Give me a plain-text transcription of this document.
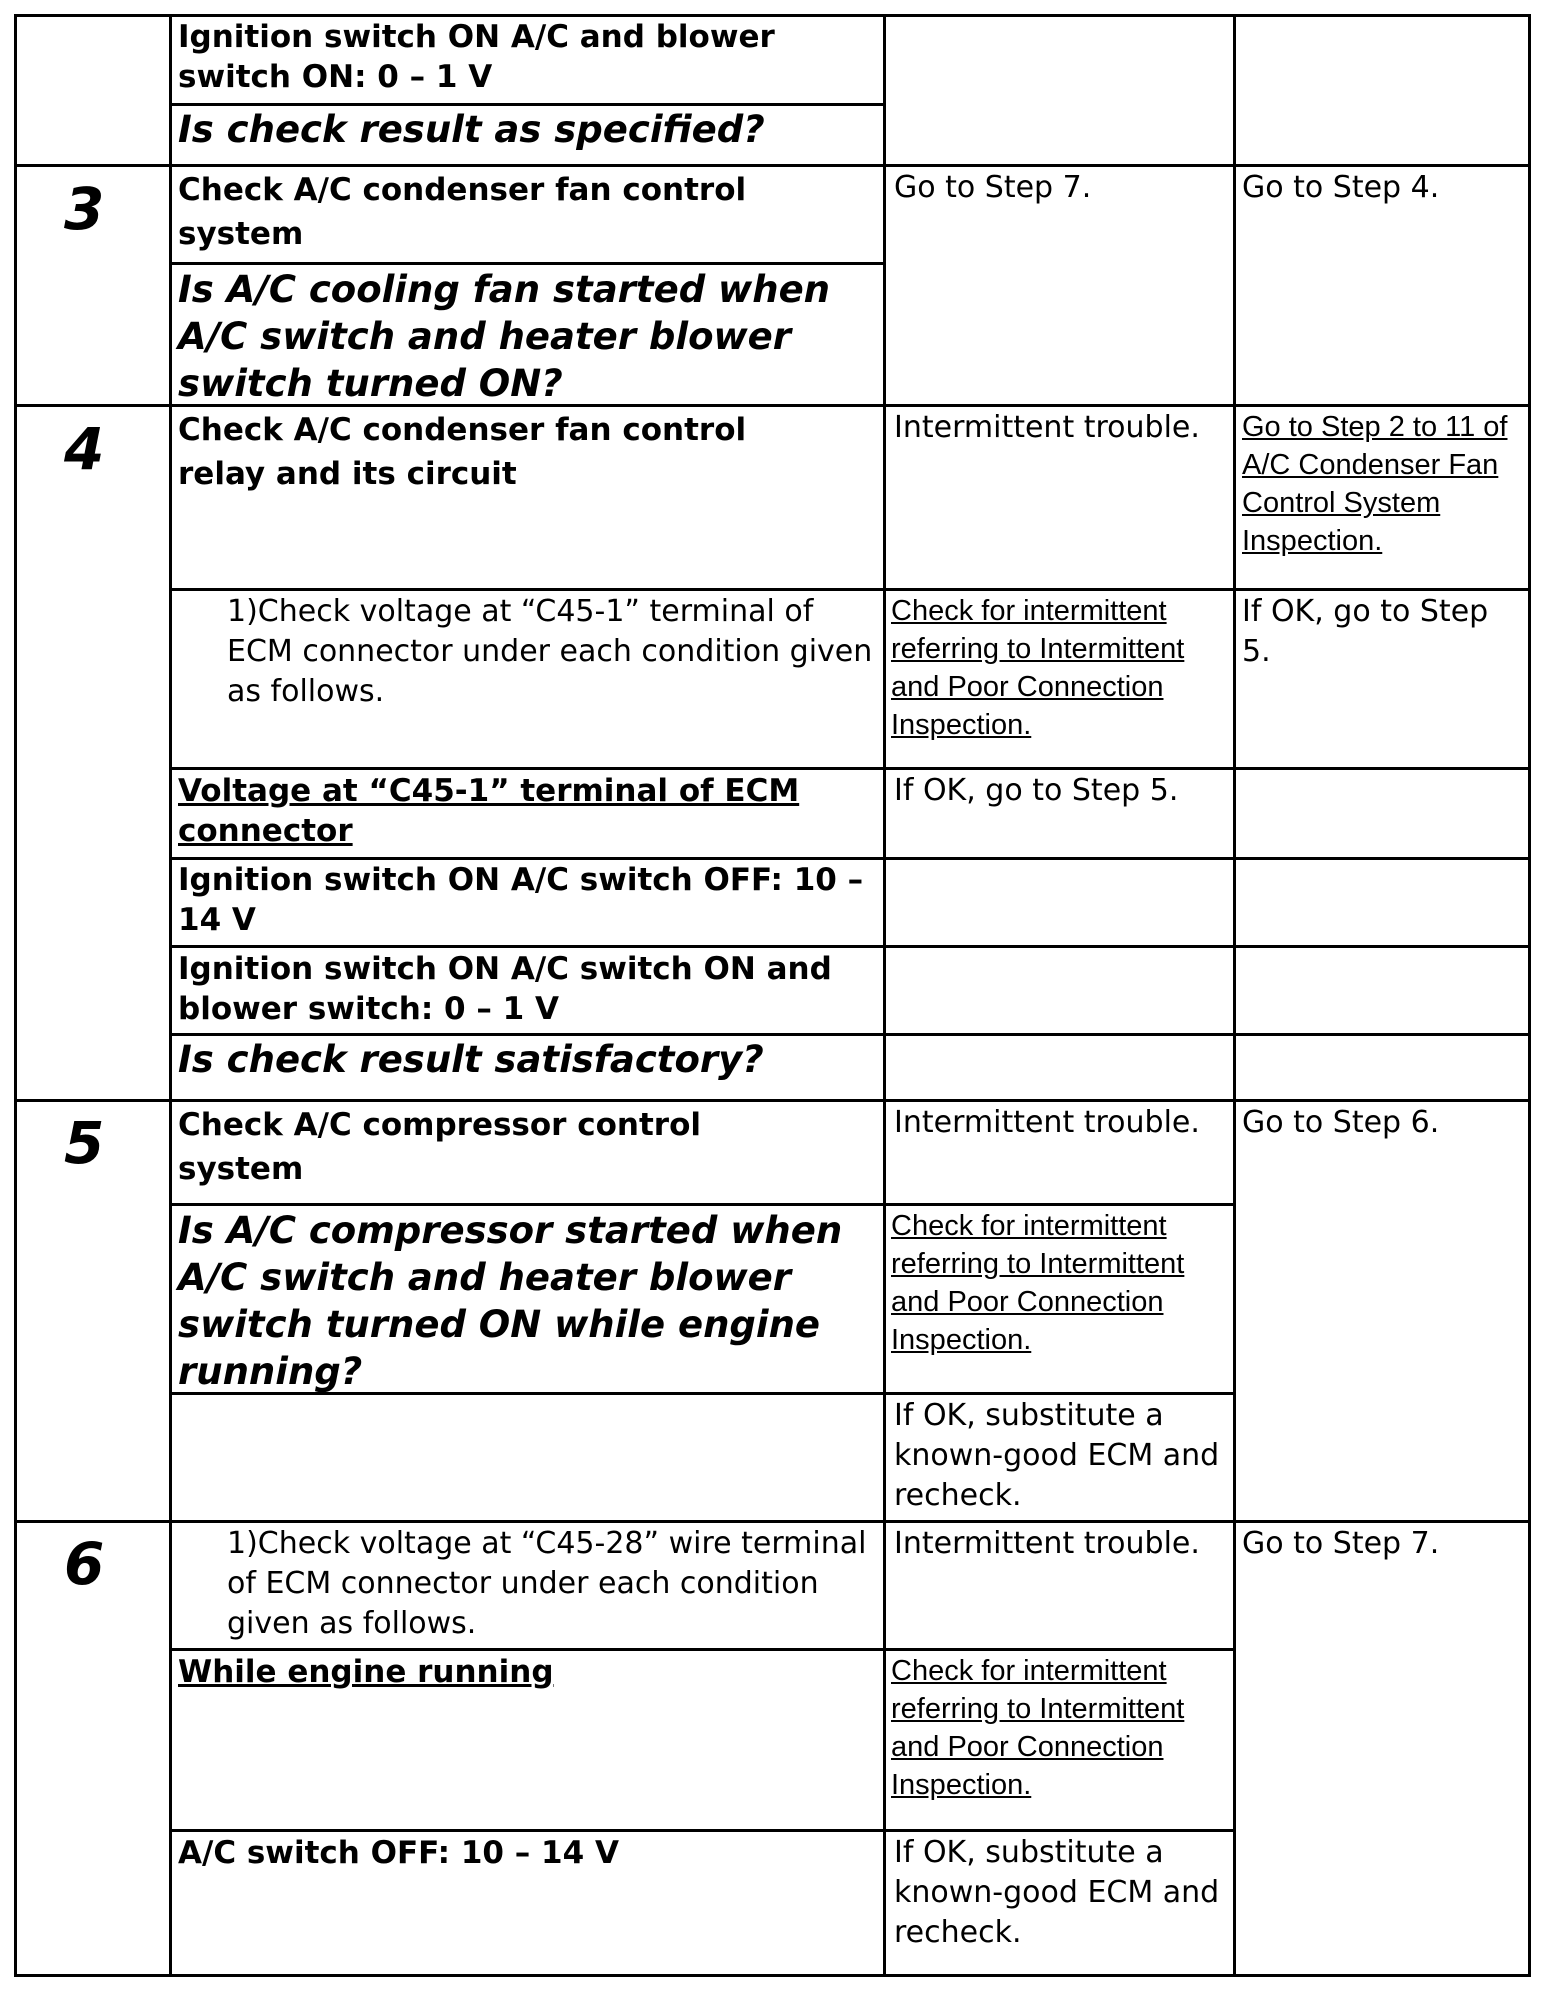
Ignition switch ON A/C and blower switch ON: 0 – 1 V
Is check result as specified?
3 Check A/C condenser fan control system
Is A/C cooling fan started when A/C switch and heater blower switch turned ON?
Go to Step 7.	Go to Step 4.
4 Check A/C condenser fan control relay and its circuit
Intermittent trouble. Go to Step 2 to 11 of A/C Condenser Fan Control System Inspection.
1)Check voltage at “C45-1” terminal of ECM connector under each condition given as follows.
Check for intermittent referring to Intermittent and Poor Connection Inspection.
If OK, go to Step 5.
Voltage at “C45-1” terminal of ECM connector
If OK, go to Step 5.
Ignition switch ON A/C switch OFF: 10 – 14 V
Ignition switch ON A/C switch ON and blower switch: 0 – 1 V
Is check result satisfactory?
5 Check A/C compressor control system
Is A/C compressor started when A/C switch and heater blower switch turned ON while engine running?
Intermittent trouble.
Check for intermittent referring to Intermittent and Poor Connection Inspection.
If OK, substitute a known-good ECM and recheck.
Go to Step 6.
6	1)Check voltage at “C45-28” wire terminal of ECM connector under each condition given as follows.
While engine running
A/C switch OFF: 10 – 14 V
Intermittent trouble.
Check for intermittent referring to Intermittent and Poor Connection Inspection.
If OK, substitute a known-good ECM and recheck.
Go to Step 7.
